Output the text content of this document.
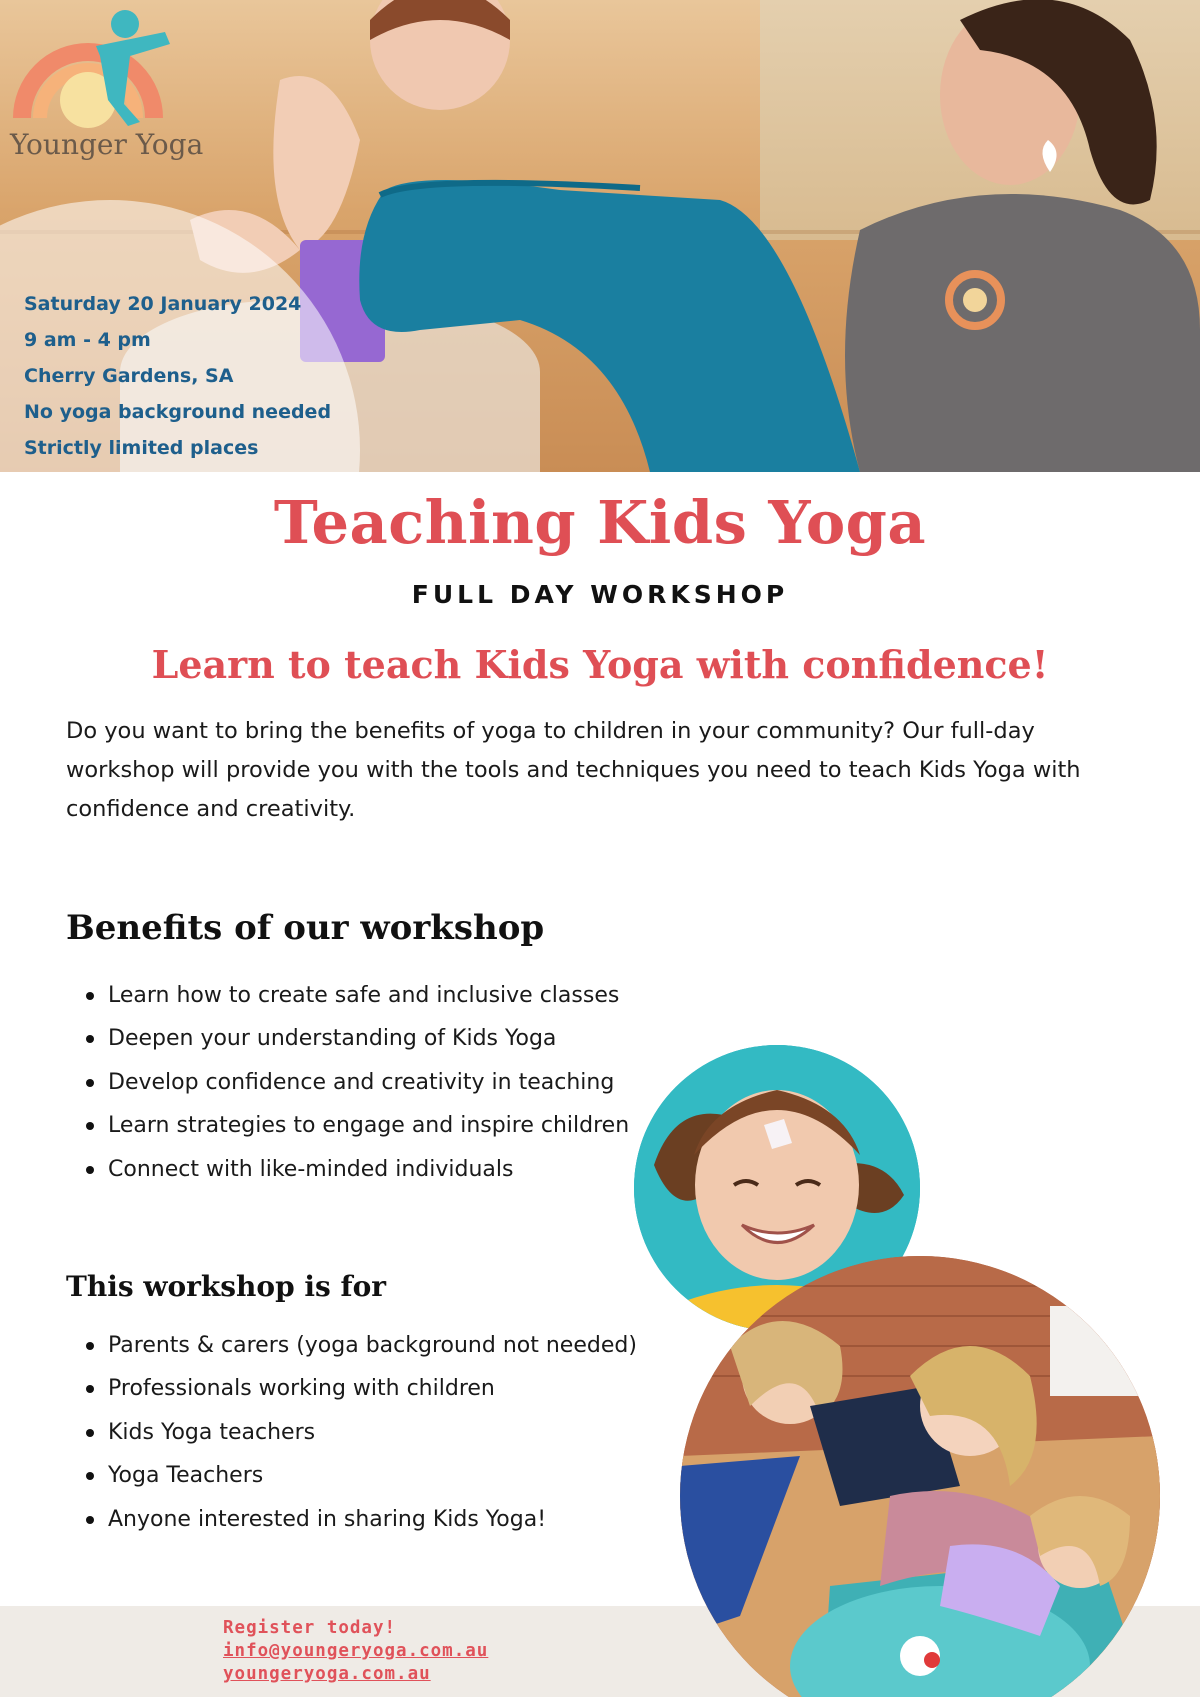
Younger Yoga
Saturday 20 January 2024
9 am - 4 pm
Cherry Gardens, SA
No yoga background needed
Strictly limited places
Teaching Kids Yoga
FULL DAY WORKSHOP
Learn to teach Kids Yoga with confidence!

Do you want to bring the benefits of yoga to children in your community? Our full-day workshop will provide you with the tools and techniques you need to teach Kids Yoga with confidence and creativity.

Benefits of our workshop
Learn how to create safe and inclusive classes
Deepen your understanding of Kids Yoga
Develop confidence and creativity in teaching
Learn strategies to engage and inspire children
Connect with like-minded individuals
This workshop is for
Parents & carers (yoga background not needed)
Professionals working with children
Kids Yoga teachers
Yoga Teachers
Anyone interested in sharing Kids Yoga!
Register today!
info@youngeryoga.com.au
youngeryoga.com.au
